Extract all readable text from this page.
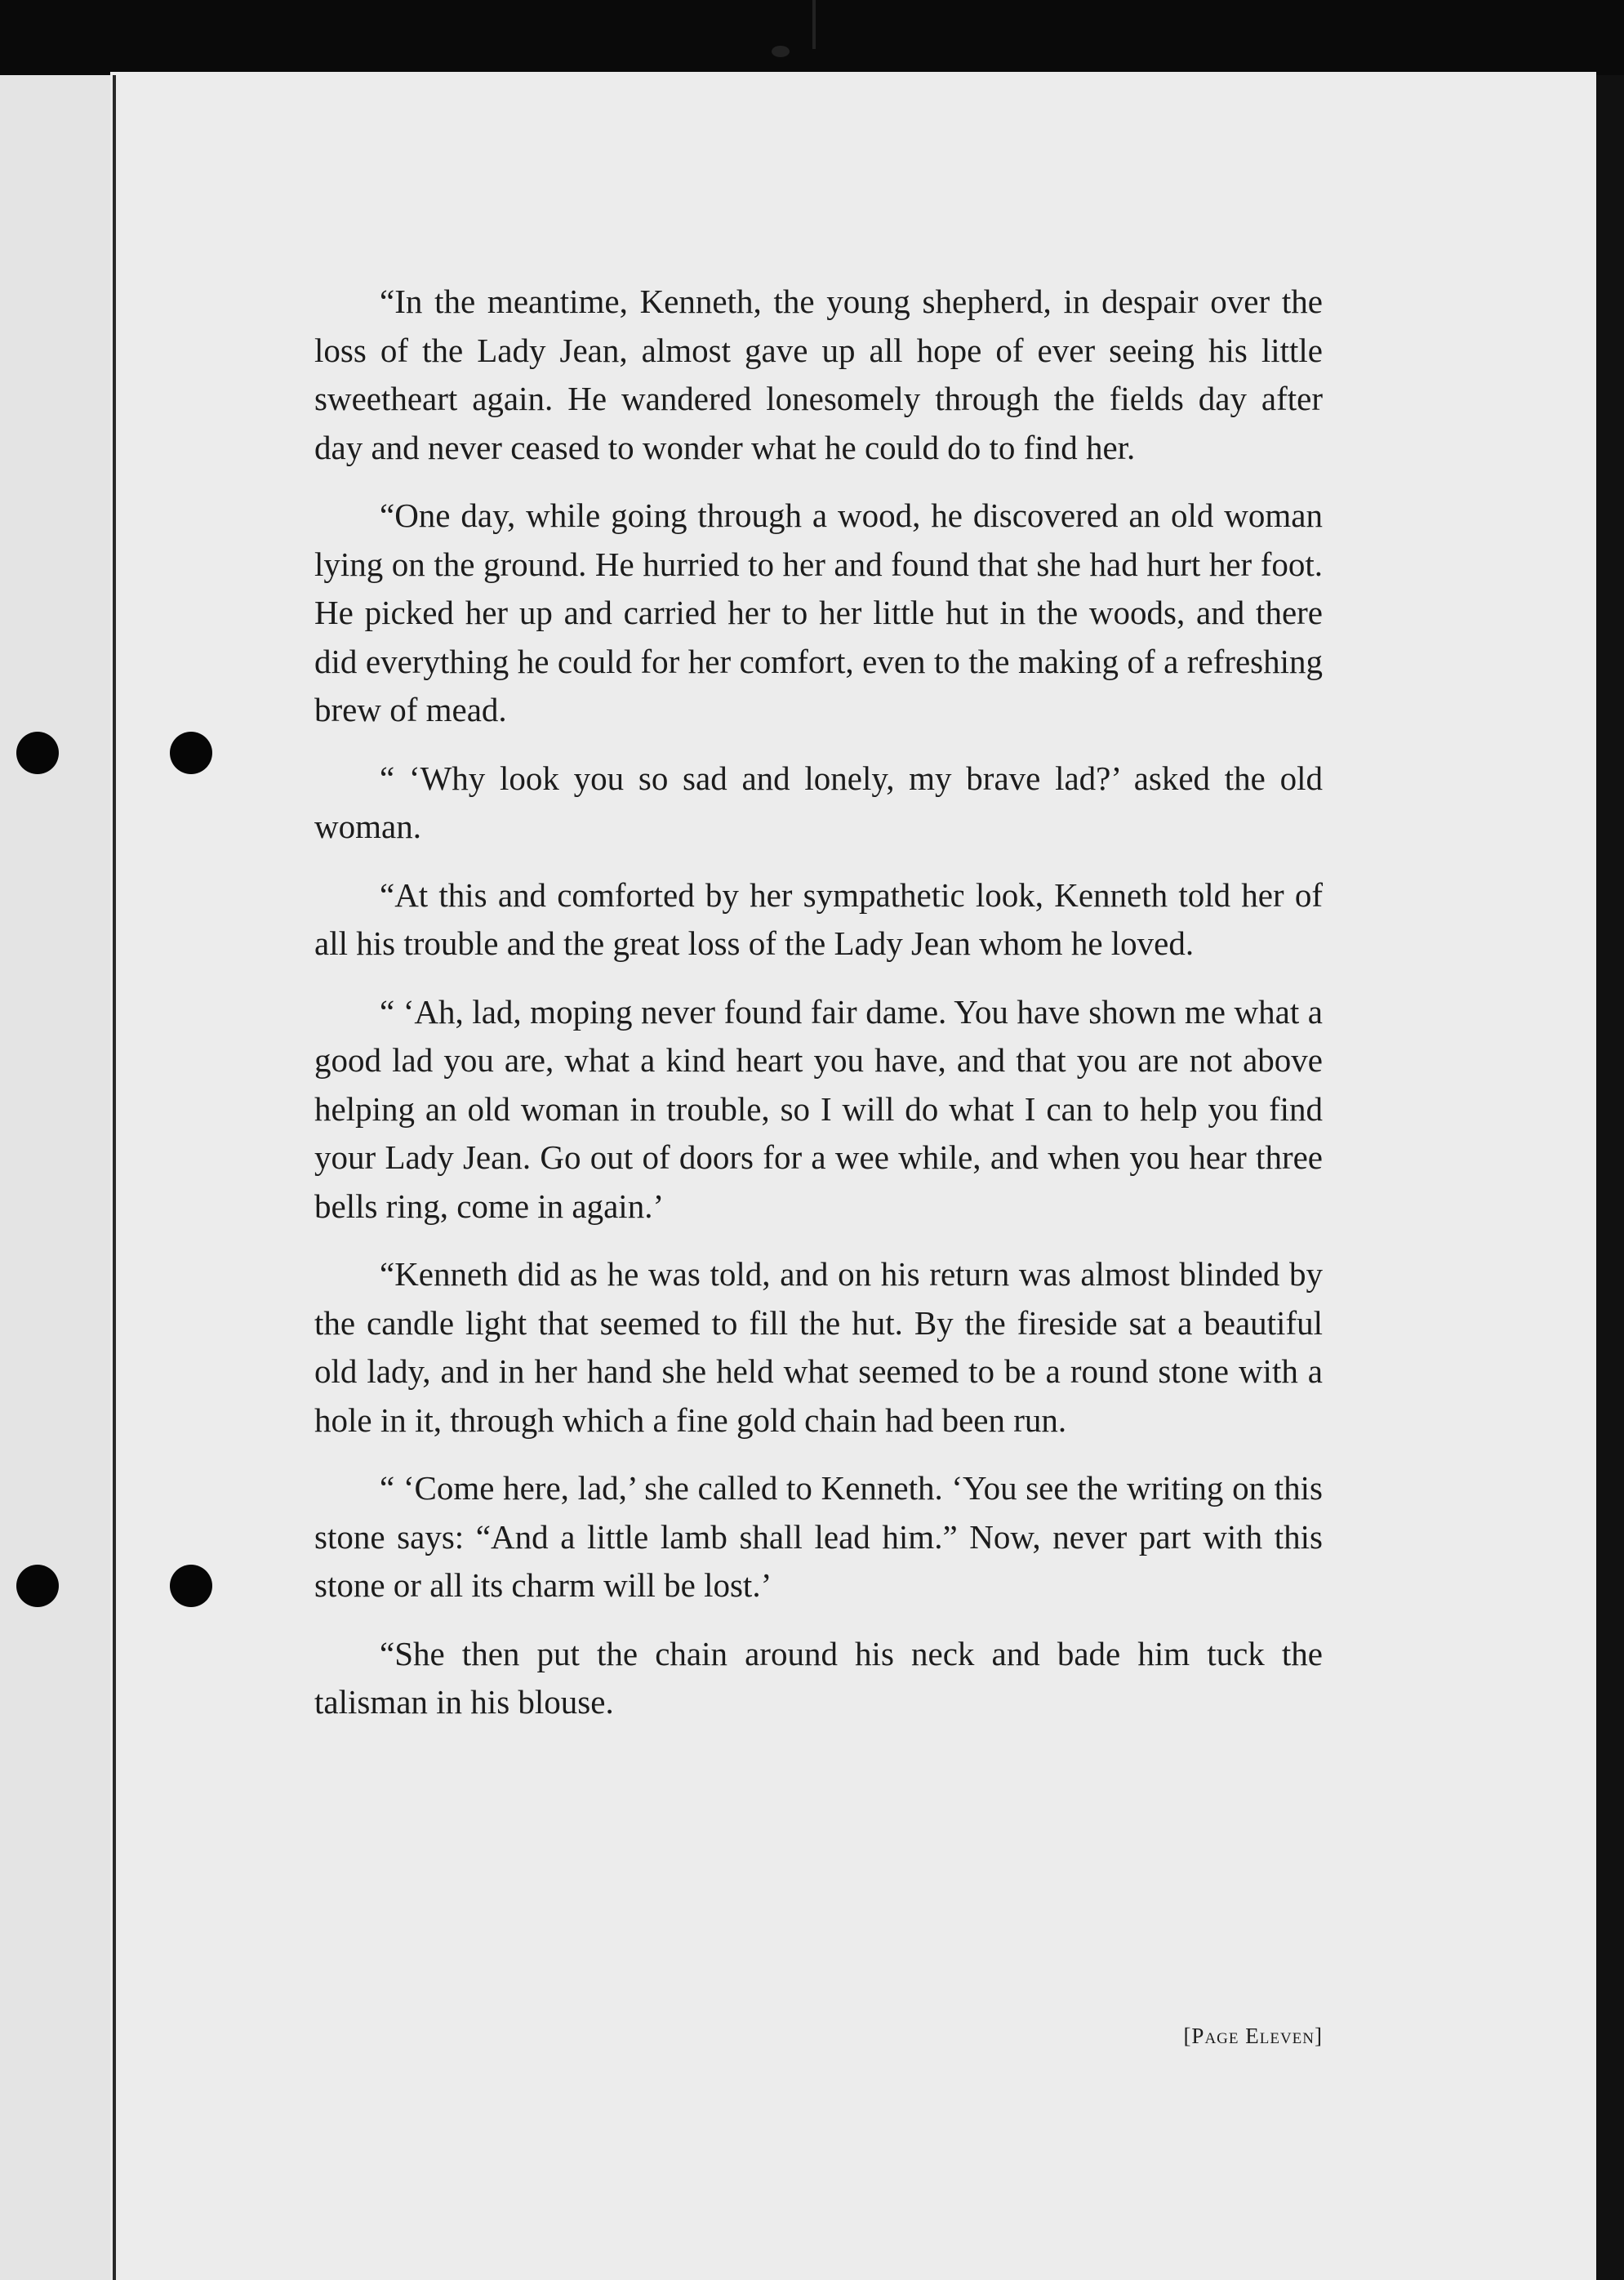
“In the meantime, Kenneth, the young shepherd, in despair over the loss of the Lady Jean, almost gave up all hope of ever seeing his little sweetheart again. He wandered lonesomely through the fields day after day and never ceased to wonder what he could do to find her.

“One day, while going through a wood, he discovered an old woman lying on the ground. He hurried to her and found that she had hurt her foot. He picked her up and carried her to her little hut in the woods, and there did everything he could for her comfort, even to the making of a refreshing brew of mead.

“ ‘Why look you so sad and lonely, my brave lad?’ asked the old woman.

“At this and comforted by her sympathetic look, Kenneth told her of all his trouble and the great loss of the Lady Jean whom he loved.

“ ‘Ah, lad, moping never found fair dame. You have shown me what a good lad you are, what a kind heart you have, and that you are not above helping an old woman in trouble, so I will do what I can to help you find your Lady Jean. Go out of doors for a wee while, and when you hear three bells ring, come in again.’

“Kenneth did as he was told, and on his return was almost blinded by the candle light that seemed to fill the hut. By the fireside sat a beautiful old lady, and in her hand she held what seemed to be a round stone with a hole in it, through which a fine gold chain had been run.

“ ‘Come here, lad,’ she called to Kenneth. ‘You see the writing on this stone says: “And a little lamb shall lead him.” Now, never part with this stone or all its charm will be lost.’

“She then put the chain around his neck and bade him tuck the talisman in his blouse.

[Page Eleven]
